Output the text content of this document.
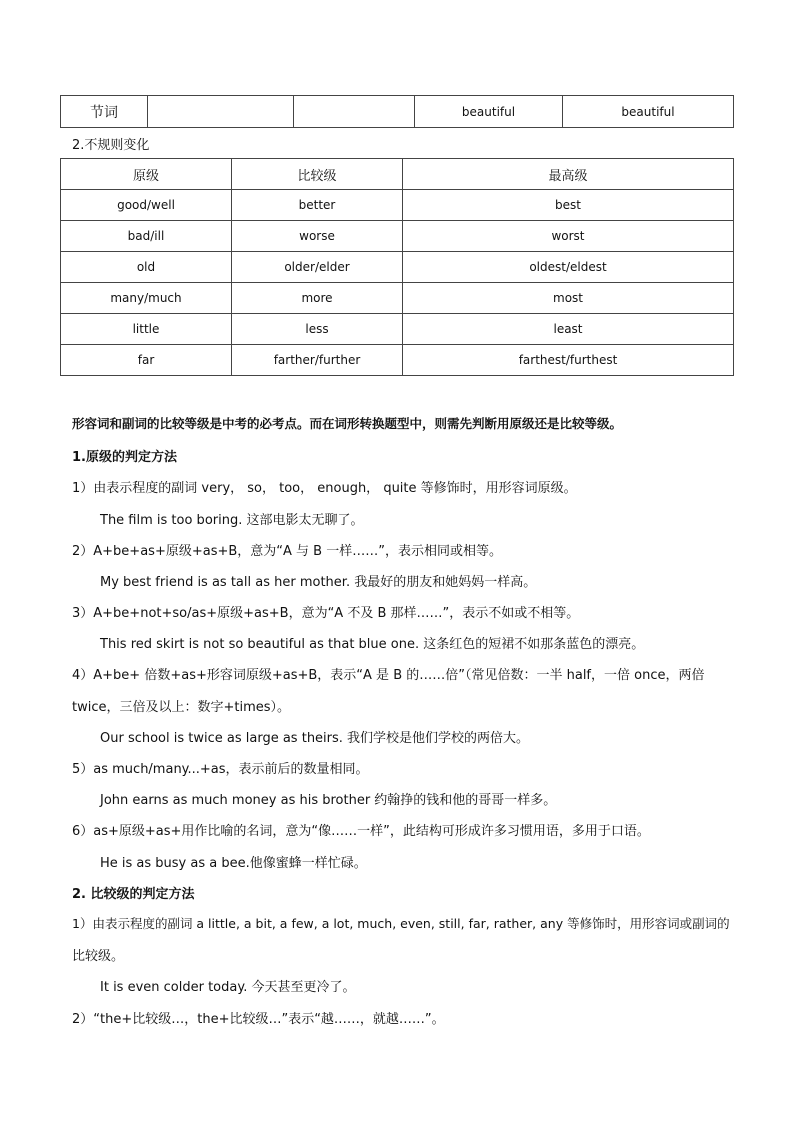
节词			beautiful	beautiful
2.不规则变化
原级	比较级	最高级
good/well	better	best
bad/ill	worse	worst
old	older/elder	oldest/eldest
many/much	more	most
little	less	least
far	farther/further	farthest/furthest
形容词和副词的比较等级是中考的必考点。而在词形转换题型中，则需先判断用原级还是比较等级。
1.原级的判定方法
1）由表示程度的副词 very， so， too， enough， quite 等修饰时，用形容词原级。
The film is too boring. 这部电影太无聊了。
2）A+be+as+原级+as+B，意为“A 与 B 一样……”，表示相同或相等。
My best friend is as tall as her mother. 我最好的朋友和她妈妈一样高。
3）A+be+not+so/as+原级+as+B，意为“A 不及 B 那样……”，表示不如或不相等。
This red skirt is not so beautiful as that blue one. 这条红色的短裙不如那条蓝色的漂亮。
4）A+be+ 倍数+as+形容词原级+as+B，表示“A 是 B 的……倍”（常见倍数：一半 half，一倍 once，两倍
twice，三倍及以上：数字+times）。
Our school is twice as large as theirs. 我们学校是他们学校的两倍大。
5）as much/many...+as，表示前后的数量相同。
John earns as much money as his brother 约翰挣的钱和他的哥哥一样多。
6）as+原级+as+用作比喻的名词，意为“像……一样”，此结构可形成许多习惯用语，多用于口语。
He is as busy as a bee.他像蜜蜂一样忙碌。
2. 比较级的判定方法
1）由表示程度的副词 a little, a bit, a few, a lot, much, even, still, far, rather, any 等修饰时，用形容词或副词的
比较级。
It is even colder today. 今天甚至更冷了。
2）“the+比较级…，the+比较级…”表示“越……，就越……”。
